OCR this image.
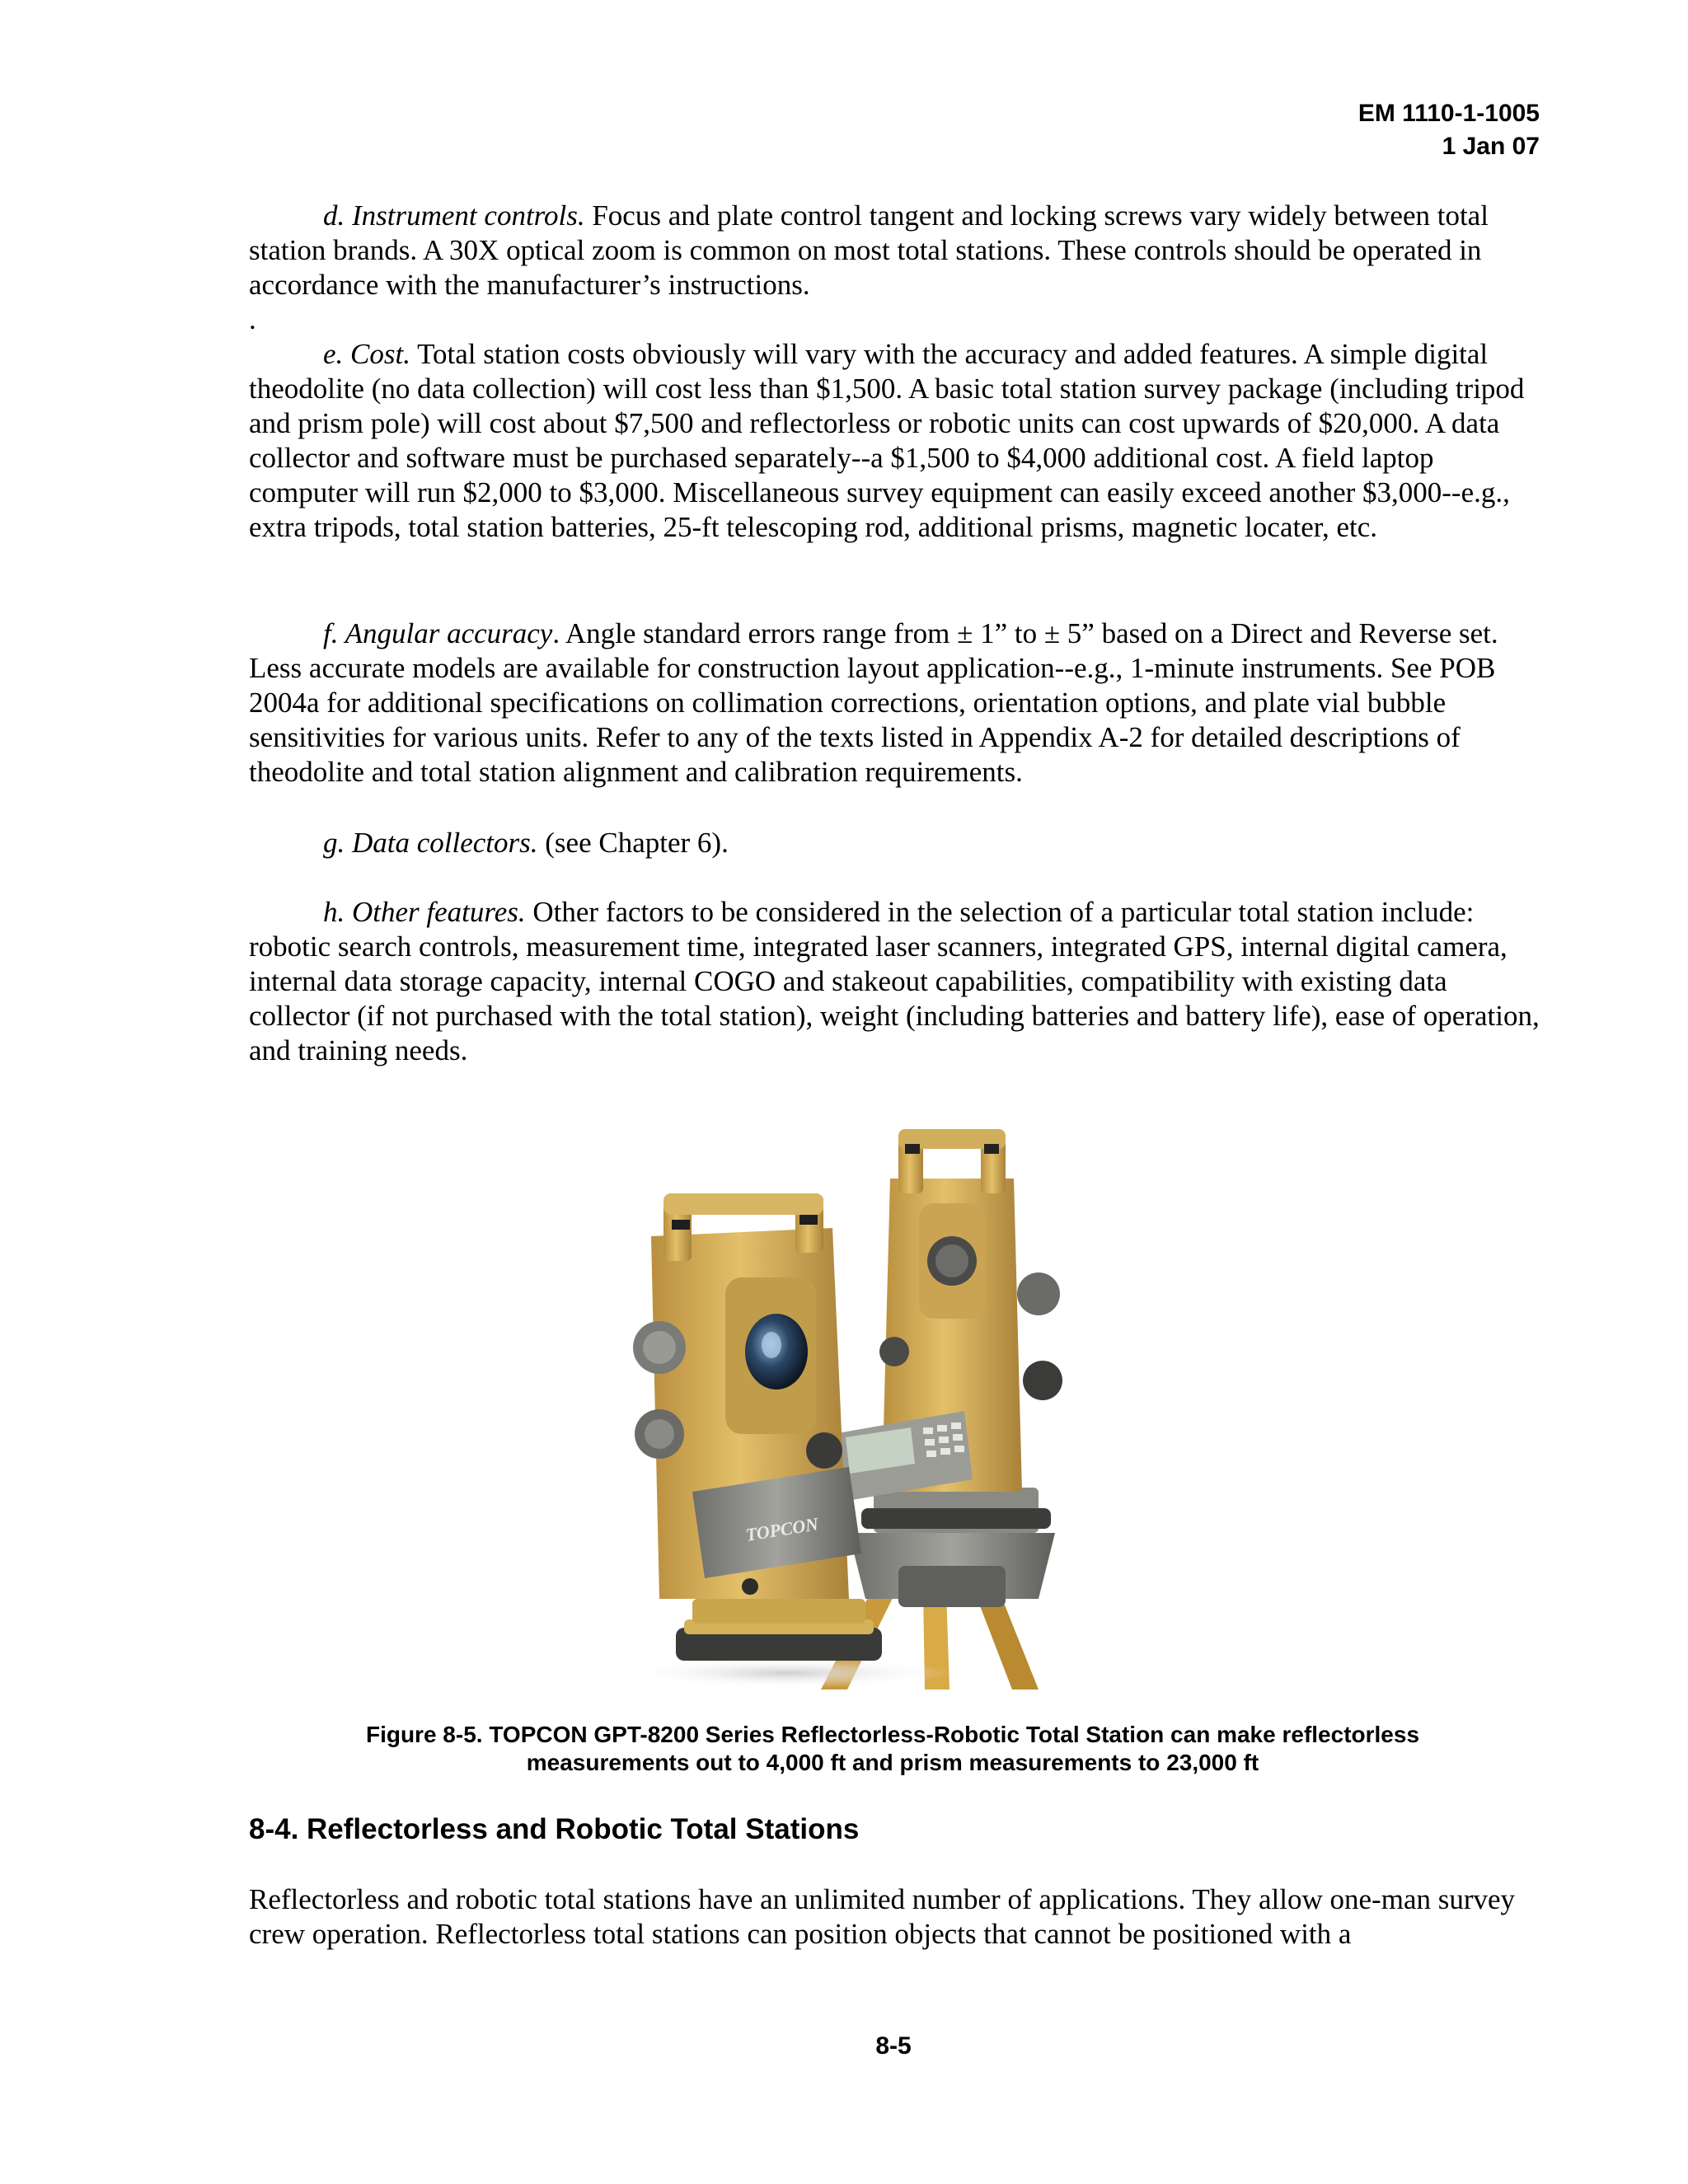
EM 1110-1-1005
1 Jan 07

d. Instrument controls. Focus and plate control tangent and locking screws vary widely between total station brands. A 30X optical zoom is common on most total stations. These controls should be operated in accordance with the manufacturer’s instructions.

.

e. Cost. Total station costs obviously will vary with the accuracy and added features. A simple digital theodolite (no data collection) will cost less than $1,500. A basic total station survey package (including tripod and prism pole) will cost about $7,500 and reflectorless or robotic units can cost upwards of $20,000. A data collector and software must be purchased separately--a $1,500 to $4,000 additional cost. A field laptop computer will run $2,000 to $3,000. Miscellaneous survey equipment can easily exceed another $3,000--e.g., extra tripods, total station batteries, 25-ft telescoping rod, additional prisms, magnetic locater, etc.

f. Angular accuracy. Angle standard errors range from ± 1” to ± 5” based on a Direct and Reverse set. Less accurate models are available for construction layout application--e.g., 1-minute instruments. See POB 2004a for additional specifications on collimation corrections, orientation options, and plate vial bubble sensitivities for various units. Refer to any of the texts listed in Appendix A-2 for detailed descriptions of theodolite and total station alignment and calibration requirements.

g. Data collectors. (see Chapter 6).

h. Other features. Other factors to be considered in the selection of a particular total station include: robotic search controls, measurement time, integrated laser scanners, integrated GPS, internal digital camera, internal data storage capacity, internal COGO and stakeout capabilities, compatibility with existing data collector (if not purchased with the total station), weight (including batteries and battery life), ease of operation, and training needs.

TOPCON
Figure 8-5. TOPCON GPT-8200 Series Reflectorless-Robotic Total Station can make reflectorless
measurements out to 4,000 ft and prism measurements to 23,000 ft
8-4. Reflectorless and Robotic Total Stations

Reflectorless and robotic total stations have an unlimited number of applications. They allow one-man survey crew operation. Reflectorless total stations can position objects that cannot be positioned with a

8-5
